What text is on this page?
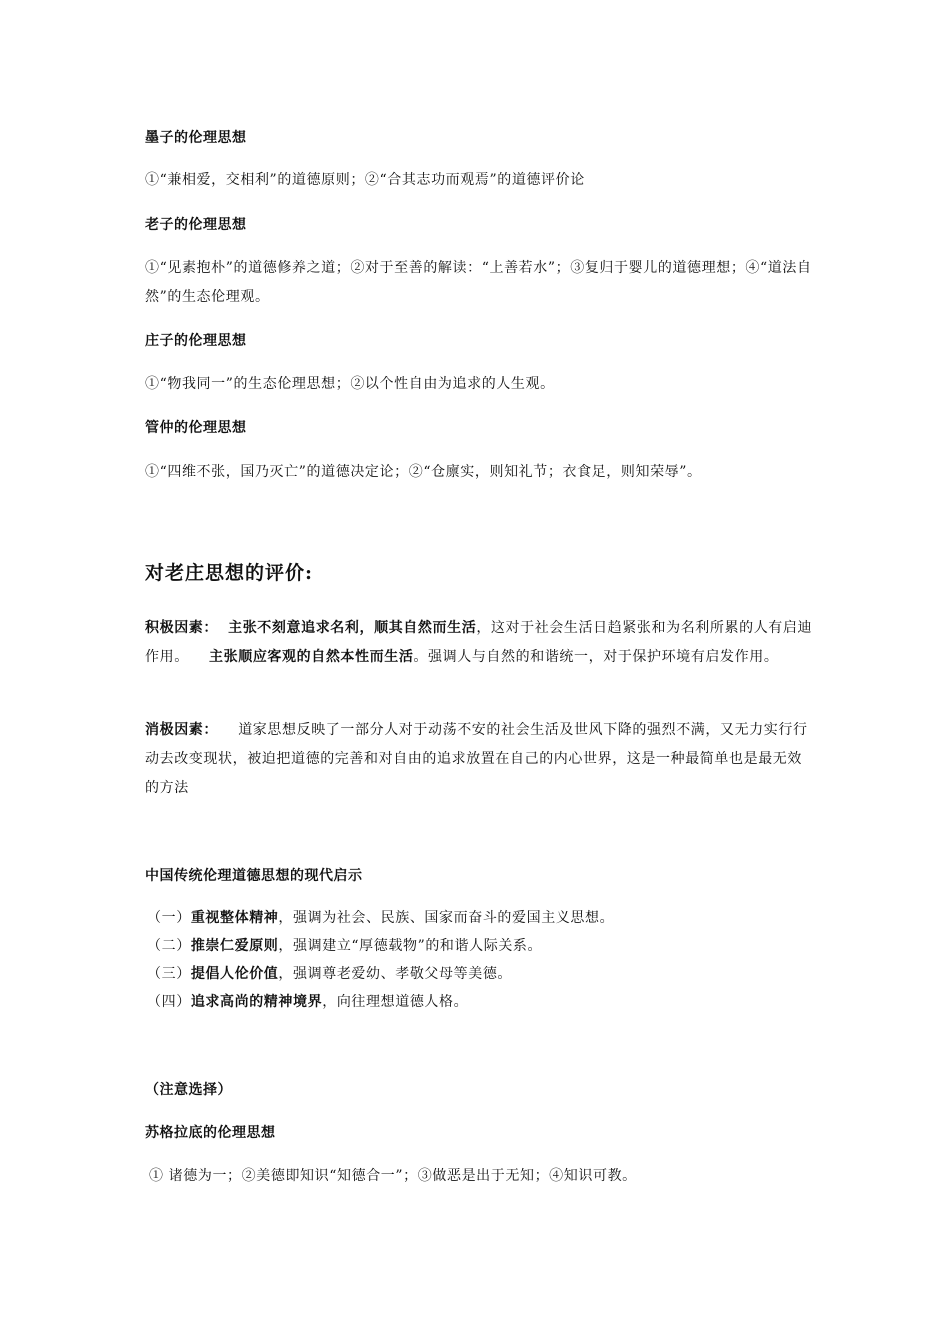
墨子的伦理思想
①“兼相爱，交相利”的道德原则；②“合其志功而观焉”的道德评价论
老子的伦理思想
①“见素抱朴”的道德修养之道；②对于至善的解读：“上善若水”；③复归于婴儿的道德理想；④“道法自然”的生态伦理观。
庄子的伦理思想
①“物我同一”的生态伦理思想；②以个性自由为追求的人生观。
管仲的伦理思想
①“四维不张，国乃灭亡”的道德决定论；②“仓廪实，则知礼节；衣食足，则知荣辱”。
对老庄思想的评价:
积极因素： 主张不刻意追求名利，顺其自然而生活，这对于社会生活日趋紧张和为名利所累的人有启迪作用。 主张顺应客观的自然本性而生活。强调人与自然的和谐统一，对于保护环境有启发作用。
消极因素： 道家思想反映了一部分人对于动荡不安的社会生活及世风下降的强烈不满，又无力实行行动去改变现状，被迫把道德的完善和对自由的追求放置在自己的内心世界，这是一种最简单也是最无效的方法
中国传统伦理道德思想的现代启示
（一）重视整体精神，强调为社会、民族、国家而奋斗的爱国主义思想。
（二）推崇仁爱原则，强调建立“厚德载物”的和谐人际关系。
（三）提倡人伦价值，强调尊老爱幼、孝敬父母等美德。
（四）追求高尚的精神境界，向往理想道德人格。
（注意选择）
苏格拉底的伦理思想
① 诸德为一；②美德即知识“知德合一”；③做恶是出于无知；④知识可教。
